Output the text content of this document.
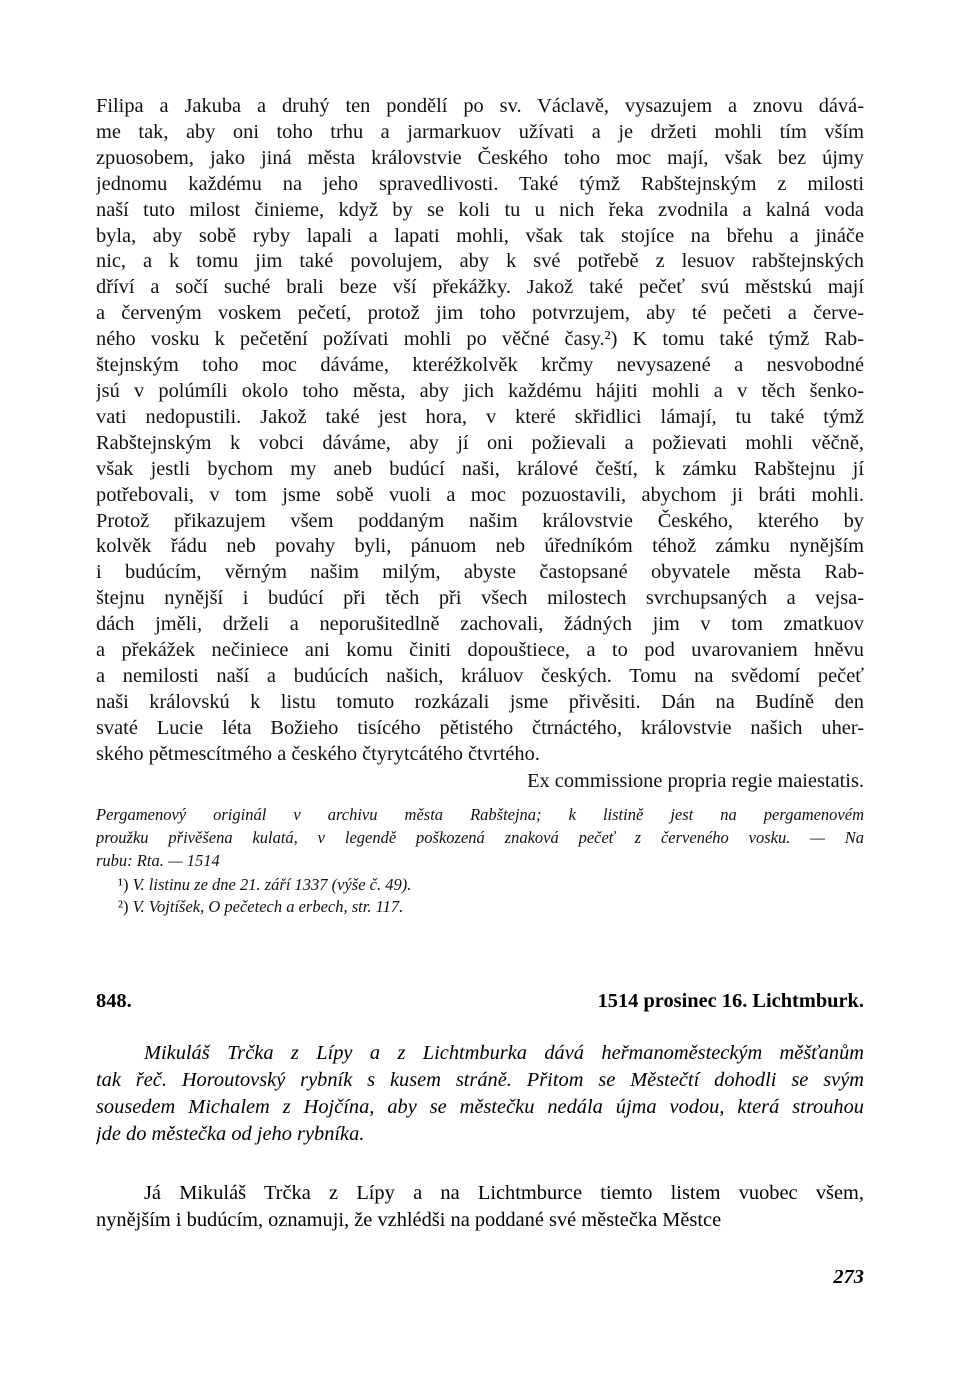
Filipa a Jakuba a druhý ten pondělí po sv. Václavě, vysazujem a znovu dává-
me tak, aby oni toho trhu a jarmarkuov užívati a je držeti mohli tím vším
zpuosobem, jako jiná města královstvie Českého toho moc mají, však bez újmy
jednomu každému na jeho spravedlivosti. Také týmž Rabštejnským z milosti
naší tuto milost činieme, když by se koli tu u nich řeka zvodnila a kalná voda
byla, aby sobě ryby lapali a lapati mohli, však tak stojíce na břehu a jináče
nic, a k tomu jim také povolujem, aby k své potřebě z lesuov rabštejnských
dříví a sočí suché brali beze vší překážky. Jakož také pečeť svú městskú mají
a červeným voskem pečetí, protož jim toho potvrzujem, aby té pečeti a červe-
ného vosku k pečetění požívati mohli po věčné časy.²) K tomu také týmž Rab-
štejnským toho moc dáváme, kteréžkolvěk krčmy nevysazené a nesvobodné
jsú v polúmíli okolo toho města, aby jich každému hájiti mohli a v těch šenko-
vati nedopustili. Jakož také jest hora, v které skřidlici lámají, tu také týmž
Rabštejnským k vobci dáváme, aby jí oni požievali a požievati mohli věčně,
však jestli bychom my aneb budúcí naši, králové čeští, k zámku Rabštejnu jí
potřebovali, v tom jsme sobě vuoli a moc pozuostavili, abychom ji bráti mohli.
Protož přikazujem všem poddaným našim královstvie Českého, kterého by
kolvěk řádu neb povahy byli, pánuom neb úředníkóm téhož zámku nynějším
i budúcím, věrným našim milým, abyste častopsané obyvatele města Rab-
štejnu nynější i budúcí při těch při všech milostech svrchupsaných a vejsa-
dách jměli, drželi a neporušitedlně zachovali, žádných jim v tom zmatkuov
a překážek nečiniece ani komu činiti dopouštiece, a to pod uvarovaniem hněvu
a nemilosti naší a budúcích našich, králuov českých. Tomu na svědomí pečeť
naši královskú k listu tomuto rozkázali jsme přivěsiti. Dán na Budíně den
svaté Lucie léta Božieho tisícého pětistého čtrnáctého, královstvie našich uher-
ského pětmescítmého a českého čtyrytcátého čtvrtého.
Ex commissione propria regie maiestatis.
Pergamenový originál v archivu města Rabštejna; k listině jest na pergamenovém
proužku přivěšena kulatá, v legendě poškozená znaková pečeť z červeného vosku. — Na
rubu: Rta. — 1514
¹) V. listinu ze dne 21. září 1337 (výše č. 49).
²) V. Vojtíšek, O pečetech a erbech, str. 117.
848.	1514 prosinec 16. Lichtmburk.
Mikuláš Trčka z Lípy a z Lichtmburka dává heřmanoměsteckým měšťanům
tak řeč. Horoutovský rybník s kusem stráně. Přitom se Městečtí dohodli se svým
sousedem Michalem z Hojčína, aby se městečku nedála újma vodou, která strouhou
jde do městečka od jeho rybníka.
Já Mikuláš Trčka z Lípy a na Lichtmburce tiemto listem vuobec všem,
nynějším i budúcím, oznamuji, že vzhlédši na poddané své městečka Městce
273
